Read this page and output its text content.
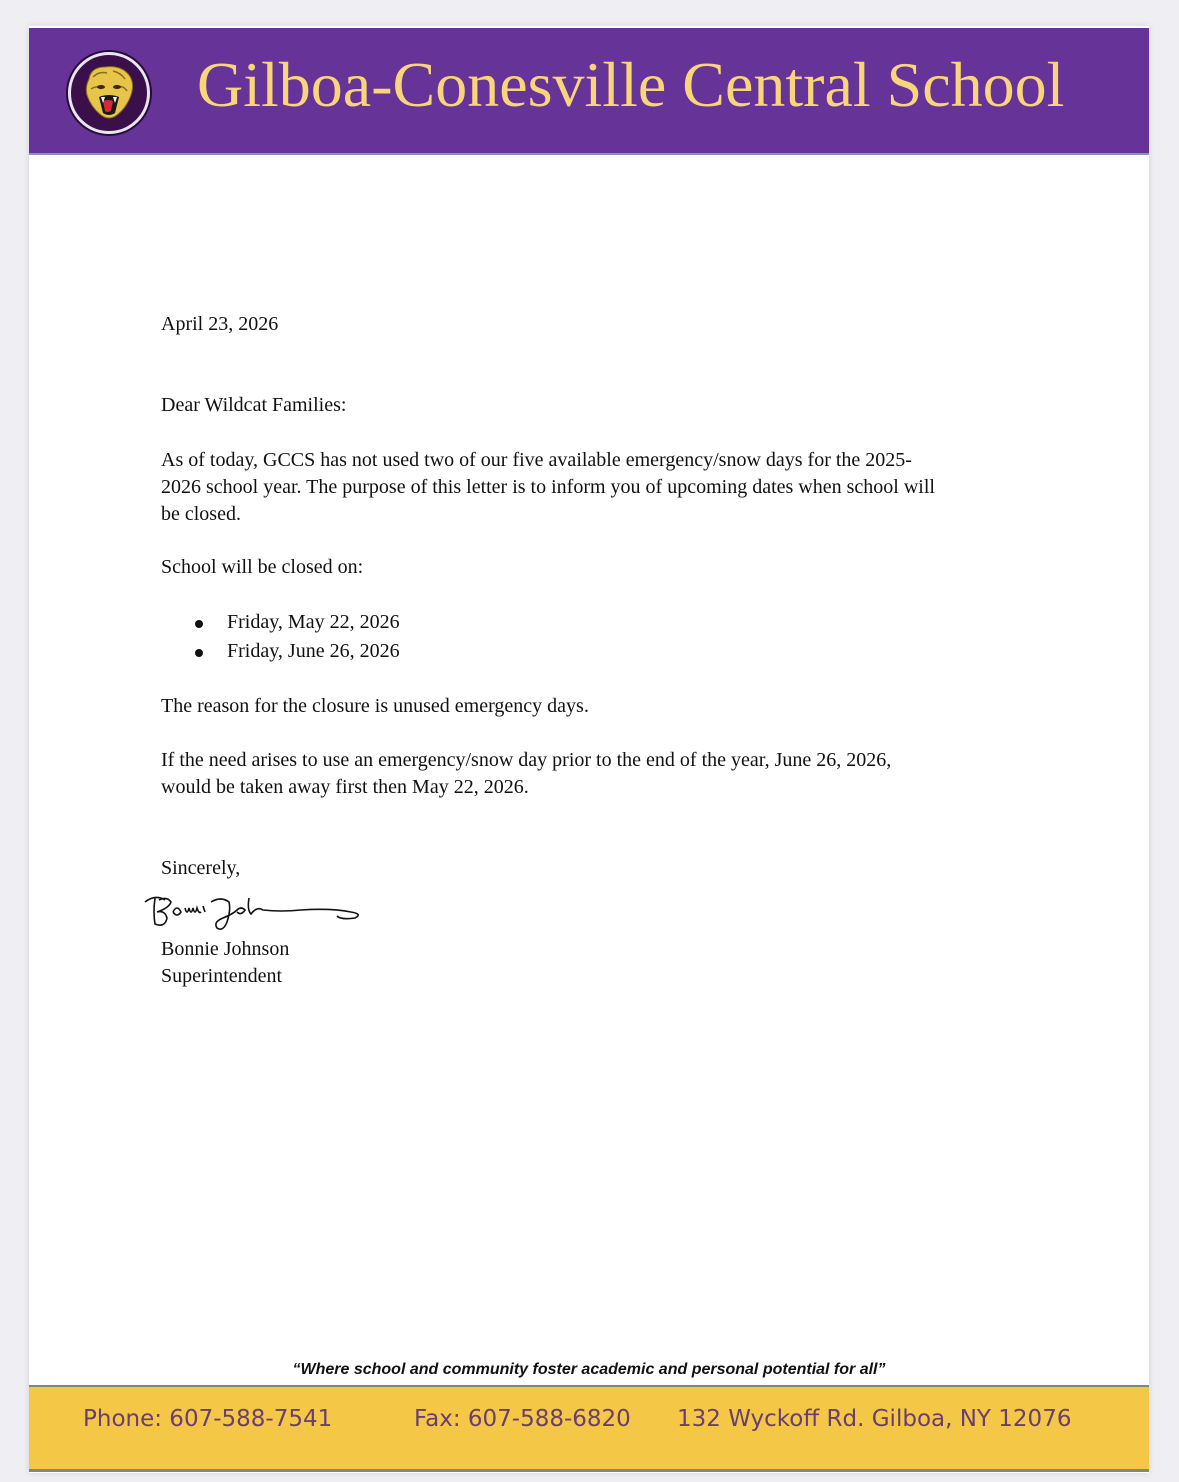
Gilboa-Conesville Central School
April 23, 2026
Dear Wildcat Families:
As of today, GCCS has not used two of our five available emergency/snow days for the 2025-
2026 school year. The purpose of this letter is to inform you of upcoming dates when school will
be closed.
School will be closed on:
Friday, May 22, 2026
Friday, June 26, 2026
The reason for the closure is unused emergency days.
If the need arises to use an emergency/snow day prior to the end of the year, June 26, 2026,
would be taken away first then May 22, 2026.
Sincerely,
Bonnie Johnson
Superintendent
“Where school and community foster academic and personal potential for all”
Phone: 607-588-7541	Fax: 607-588-6820 132 Wyckoff Rd. Gilboa, NY 12076
